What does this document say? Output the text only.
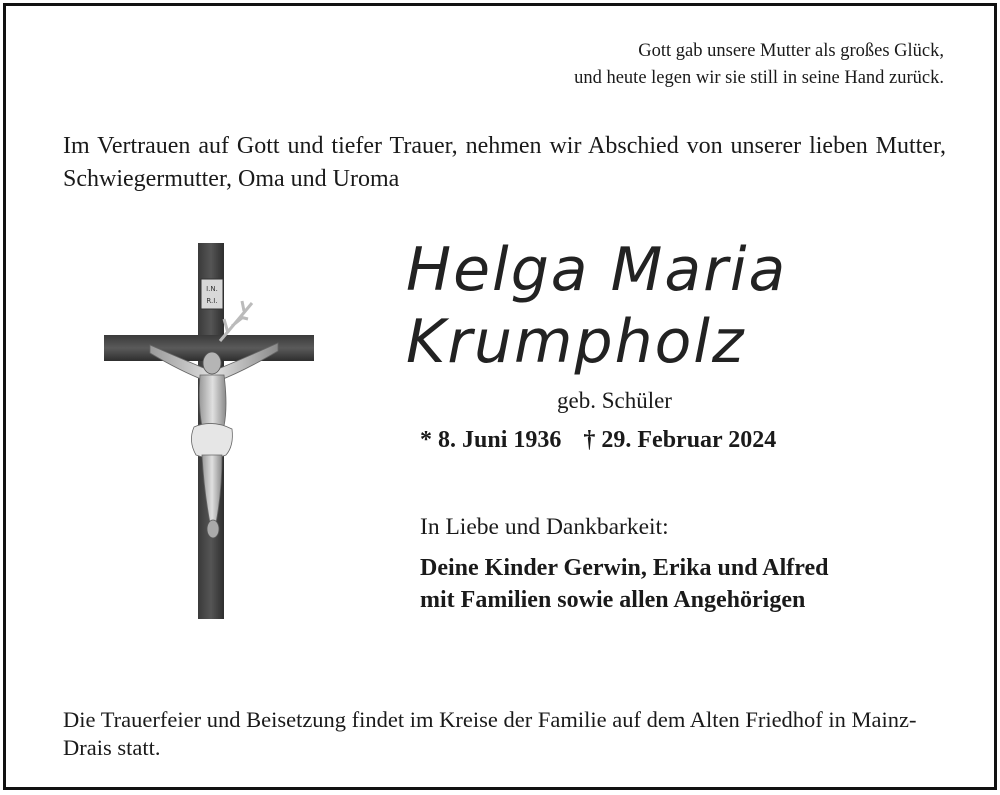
Gott gab unsere Mutter als großes Glück,
und heute legen wir sie still in seine Hand zurück.
Im Vertrauen auf Gott und tiefer Trauer, nehmen wir Abschied von unserer lieben Mutter, Schwiegermutter, Oma und Uroma
I.N.
R.I.	Helga Maria
Krumpholz
geb. Schüler
* 8. Juni 1936 † 29. Februar 2024
In Liebe und Dankbarkeit:
Deine Kinder Gerwin, Erika und Alfred
mit Familien sowie allen Angehörigen
Die Trauerfeier und Beisetzung findet im Kreise der Familie auf dem Alten Friedhof in Mainz-Drais statt.
